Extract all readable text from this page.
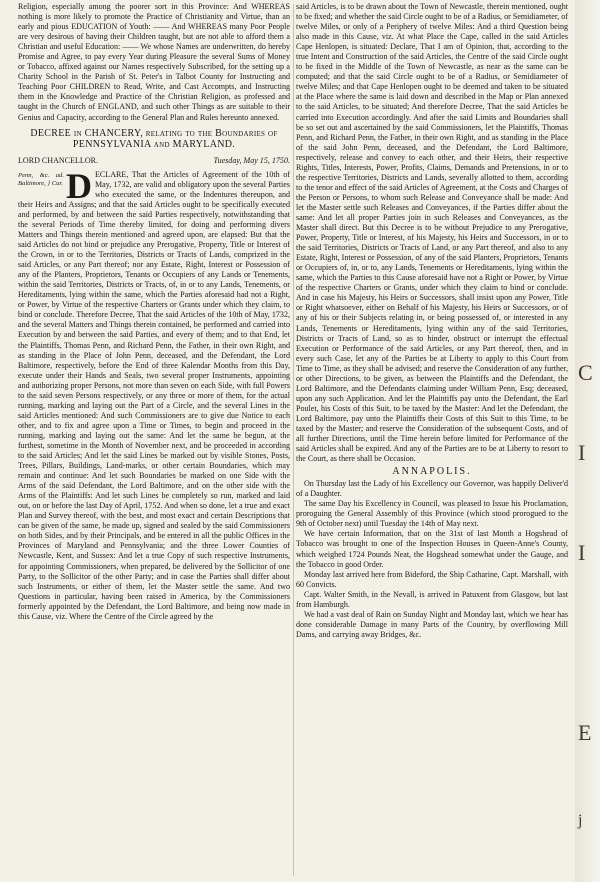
Religion, especially among the poorer sort in this Province: And WHEREAS nothing is more likely to promote the Practice of Christianity and Virtue, than an early and pious EDUCATION of Youth: —— And WHEREAS many Poor People are very desirous of having their Children taught, but are not able to afford them a Christian and useful Education: —— We whose Names are underwritten, do hereby Promise and Agree, to pay every Year during Pleasure the several Sums of Money or Tobacco, affixed against our Names respectively Subscribed, for the setting up a Charity School in the Parish of St. Peter's in Talbot County for Instructing and Teaching Poor CHILDREN to Read, Write, and Cast Accompts, and Instructing them in the Knowledge and Practice of the Christian Religion, as professed and taught in the Church of ENGLAND, and such other Things as are suitable to their Genius and Capacity, according to the General Plan and Rules hereunto annexed.

DECREE in CHANCERY, relating to the Boundaries of PENNSYLVANIA and MARYLAND.

LORD CHANCELLOR.	Tuesday, May 15, 1750.

Penn, &c. ad. Baltimore, } Cur. D ECLARE, That the Articles of Agreement of the 10th of May, 1732, are valid and obligatory upon the several Parties who executed the same, or the Indentures thereupon, and their Heirs and Assigns; and that the said Articles ought to be specifically executed and performed, by and between the said Parties respectively, notwithstanding that the several Periods of Time thereby limited, for doing and performing divers Matters and Things therein mentioned and agreed upon, are elapsed: But that the said Articles do not bind or prejudice any Prerogative, Property, Title or Interest of the Crown, in or to the Territories, Districts or Tracts of Lands, comprized in the said Articles, or any Part thereof; nor any Estate, Right, Interest or Possession of any of the Planters, Proprietors, Tenants or Occupiers of any Lands or Tenements, within the said Territories, Districts or Tracts, of, in or to any Lands, Tenements, or Hereditaments, lying within the same, which the Parties aforesaid had not a Right, or Power, by Virtue of the respective Charters or Grants under which they claim, to bind or conclude. Therefore Decree, That the said Articles of the 10th of May, 1732, and the several Matters and Things therein contained, be performed and carried into Execution by and between the said Parties, and every of them; and to that End, let the Plaintiffs, Thomas Penn, and Richard Penn, the Father, in their own Right, and as standing in the Place of John Penn, deceased, and the Defendant, the Lord Baltimore, respectively, before the End of three Kalendar Months from this Day, execute under their Hands and Seals, two several proper Instruments, appointing and authorizing proper Persons, not more than seven on each Side, with full Powers to the said seven Persons respectively, or any three or more of them, for the actual running, marking and laying out the Part of a Circle, and the several Lines in the said Articles mentioned: And such Commissioners are to give due Notice to each other, and to fix and agree upon a Time or Times, to begin and proceed in the running, marking and laying out the same: And let the same be begun, at the furthest, sometime in the Month of November next, and be proceeded in according to the said Articles; And let the said Lines be marked out by visible Stones, Posts, Trees, Pillars, Buildings, Land-marks, or other certain Boundaries, which may remain and continue: And let such Boundaries be marked on one Side with the Arms of the said Defendant, the Lord Baltimore, and on the other side with the Arms of the Plaintiffs: And let such Lines be completely so run, marked and laid out, on or before the last Day of April, 1752. And when so done, let a true and exact Plan and Survey thereof, with the best, and most exact and certain Descriptions that can be given of the same, be made up, signed and sealed by the said Commissioners on both Sides, and by their Principals, and be entered in all the public Offices in the Provinces of Maryland and Pennsylvania; and the three Lower Counties of Newcastle, Kent, and Sussex: And let a true Copy of such respective Instruments, for appointing Commissioners, when prepared, be delivered by the Sollicitor of one Party, to the Sollicitor of the other Party; and in case the Parties shall differ about such Instruments, or either of them, let the Master settle the same. And two Questions in particular, having been raised in America, by the Commissioners formerly appointed by the Defendant, the Lord Baltimore, and being now made in this Cause, viz. Where the Centre of the Circle agreed by the

said Articles, is to be drawn about the Town of Newcastle, therein mentioned, ought to be fixed; and whether the said Circle ought to be of a Radius, or Semidiameter, of twelve Miles, or only of a Periphery of twelve Miles: And a third Question being also made in this Cause, viz. At what Place the Cape, called in the said Articles Cape Henlopen, is situated: Declare, That I am of Opinion, that, according to the true Intent and Construction of the said Articles, the Centre of the said Circle ought to be fixed in the Middle of the Town of Newcastle, as near as the same can be computed; and that the said Circle ought to be of a Radius, or Semidiameter of twelve Miles; and that Cape Henlopen ought to be deemed and taken to be situated at the Place where the same is laid down and described in the Map or Plan annexed to the said Articles, to be situated; And therefore Decree, That the said Articles be carried into Execution accordingly. And after the said Limits and Boundaries shall be so set out and ascertained by the said Commissioners, let the Plaintiffs, Thomas Penn, and Richard Penn, the Father, in their own Right, and as standing in the Place of the said John Penn, deceased, and the Defendant, the Lord Baltimore, respectively, release and convey to each other, and their Heirs, their respective Rights, Titles, Interests, Power, Profits, Claims, Demands and Pretensions, in or to the respective Territories, Districts and Lands, severally allotted to them, according to the tenor and effect of the said Articles of Agreement, at the Costs and Charges of the Person or Persons, to whom such Release and Conveyance shall be made: And let the Master settle such Releases and Conveyances, if the Parties differ about the same: And let all proper Parties join in such Releases and Conveyances, as the Master shall direct. But this Decree is to be without Prejudice to any Prerogative, Power, Property, Title or Interest, of his Majesty, his Heirs and Successors, in or to the said Territories, Districts or Tracts of Land, or any Part thereof, and also to any Estate, Right, Interest or Possession, of any of the said Planters, Proprietors, Tenants or Occupiers of, in, or to, any Lands, Tenements or Hereditaments, lying within the same, which the Parties to this Cause aforesaid have not a Right or Power, by Virtue of the respective Charters or Grants, under which they claim to bind or conclude. And in case his Majesty, his Heirs or Successors, shall insist upon any Power, Title or Right whatsoever, either on Behalf of his Majesty, his Heirs or Successors, or of any of his or their Subjects relating in, or being possessed of, or interested in any Lands, Tenements or Hereditaments, lying within any of the said Territories, Districts or Tracts of Land, so as to hinder, obstruct or interrupt the effectual Execution or Performance of the said Articles, or any Part thereof, then, and in every such Case, let any of the Parties be at Liberty to apply to this Court from Time to Time, as they shall be advised; and reserve the Consideration of any further, or other Directions, to be given, as between the Plaintiffs and the Defendant, the Lord Baltimore, and the Defendants claiming under William Penn, Esq; deceased, upon any such Application. And let the Plaintiffs pay unto the Defendant, the Earl Poulet, his Costs of this Suit, to be taxed by the Master: And let the Defendant, the Lord Baltimore, pay unto the Plaintiffs their Costs of this Suit to this Time, to be taxed by the Master; and reserve the Consideration of the subsequent Costs, and of all further Directions, until the Time herein before limited for Performance of the said Articles shall be expired. And any of the Parties are to be at Liberty to resort to the Court, as there shall be Occasion.

ANNAPOLIS.

On Thursday last the Lady of his Excellency our Governor, was happily Deliver'd of a Daughter.

The same Day his Excellency in Council, was pleased to Issue his Proclamation, proroguing the General Assembly of this Province (which stood prorogued to the 9th of October next) until Tuesday the 14th of May next.

We have certain Information, that on the 31st of last Month a Hogshead of Tobacco was brought to one of the Inspection Houses in Queen-Anne's County, which weighed 1724 Pounds Neat, the Hogshead somewhat under the Gauge, and the Tobacco in good Order.

Monday last arrived here from Bideford, the Ship Catharine, Capt. Marshall, with 60 Convicts.

Capt. Walter Smith, in the Nevall, is arrived in Patuxent from Glasgow, but last from Hamburgh.

We had a vast deal of Rain on Sunday Night and Monday last, which we hear has done considerable Damage in many Parts of the Country, by overflowing Mill Dams, and carrying away Bridges, &c.

C
I
I
E
j
